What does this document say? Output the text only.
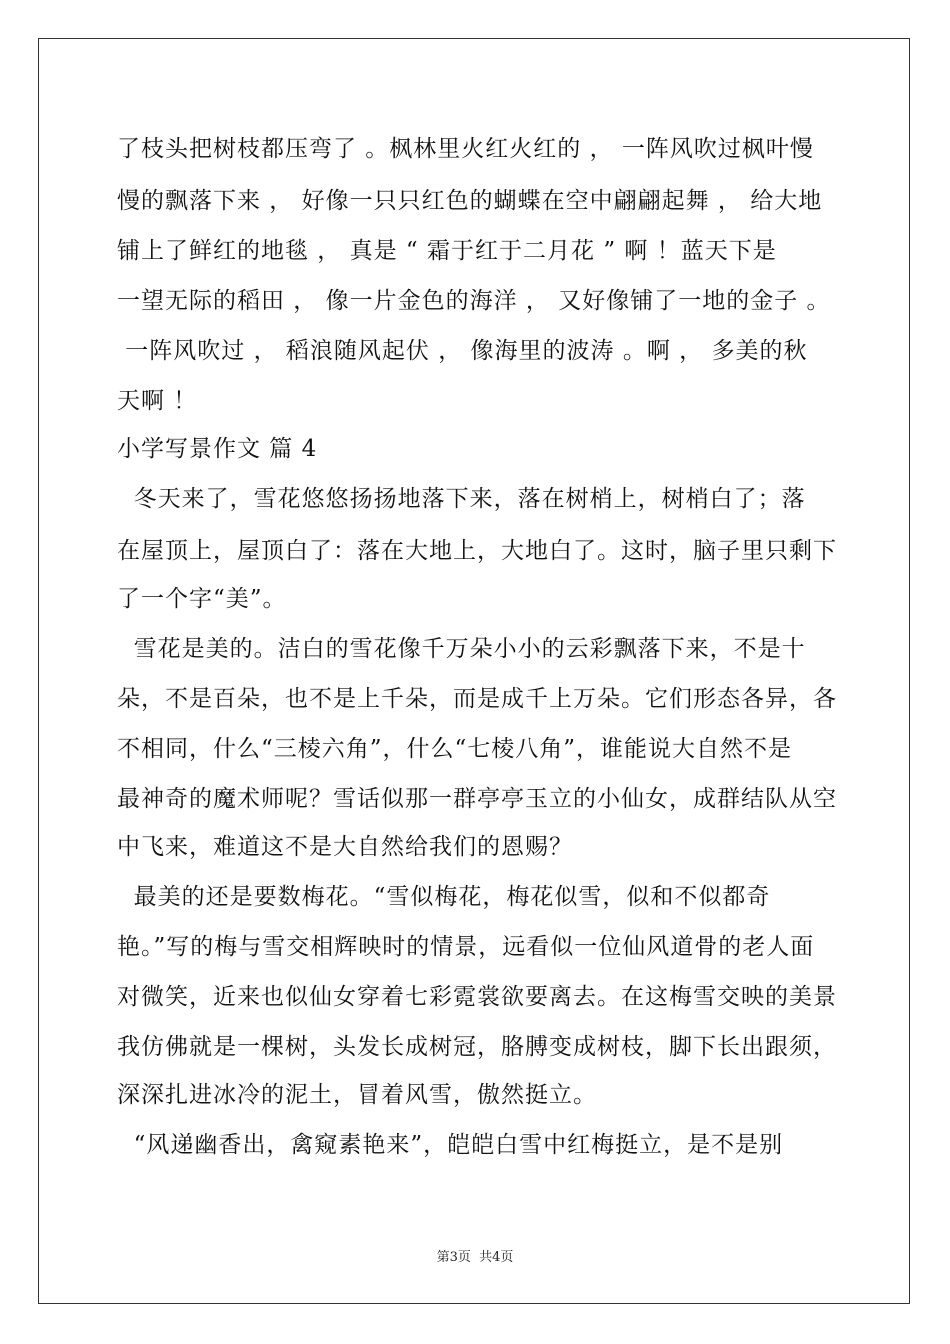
了枝头把树枝都压弯了 。枫林里火红火红的 ， 一阵风吹过枫叶慢
慢的飘落下来 ， 好像一只只红色的蝴蝶在空中翩翩起舞 ， 给大地
铺上了鲜红的地毯 ， 真是 “ 霜于红于二月花 ” 啊 ！蓝天下是
一望无际的稻田 ， 像一片金色的海洋 ， 又好像铺了一地的金子 。
一阵风吹过 ， 稻浪随风起伏 ， 像海里的波涛 。啊 ， 多美的秋
天啊 ！
小学写景作文 篇 4
冬天来了，雪花悠悠扬扬地落下来，落在树梢上，树梢白了；落
在屋顶上，屋顶白了：落在大地上，大地白了。这时，脑子里只剩下
了一个字“美”。
雪花是美的。洁白的雪花像千万朵小小的云彩飘落下来，不是十
朵，不是百朵，也不是上千朵，而是成千上万朵。它们形态各异，各
不相同，什么“三棱六角”，什么“七棱八角”，谁能说大自然不是
最神奇的魔术师呢？雪话似那一群亭亭玉立的小仙女，成群结队从空
中飞来，难道这不是大自然给我们的恩赐？
最美的还是要数梅花。“雪似梅花，梅花似雪，似和不似都奇
艳。”写的梅与雪交相辉映时的情景，远看似一位仙风道骨的老人面
对微笑，近来也似仙女穿着七彩霓裳欲要离去。在这梅雪交映的美景
我仿佛就是一棵树，头发长成树冠，胳膊变成树枝，脚下长出跟须，
深深扎进冰冷的泥土，冒着风雪，傲然挺立。
“风递幽香出，禽窥素艳来”，皑皑白雪中红梅挺立，是不是别
第3页  共4页
